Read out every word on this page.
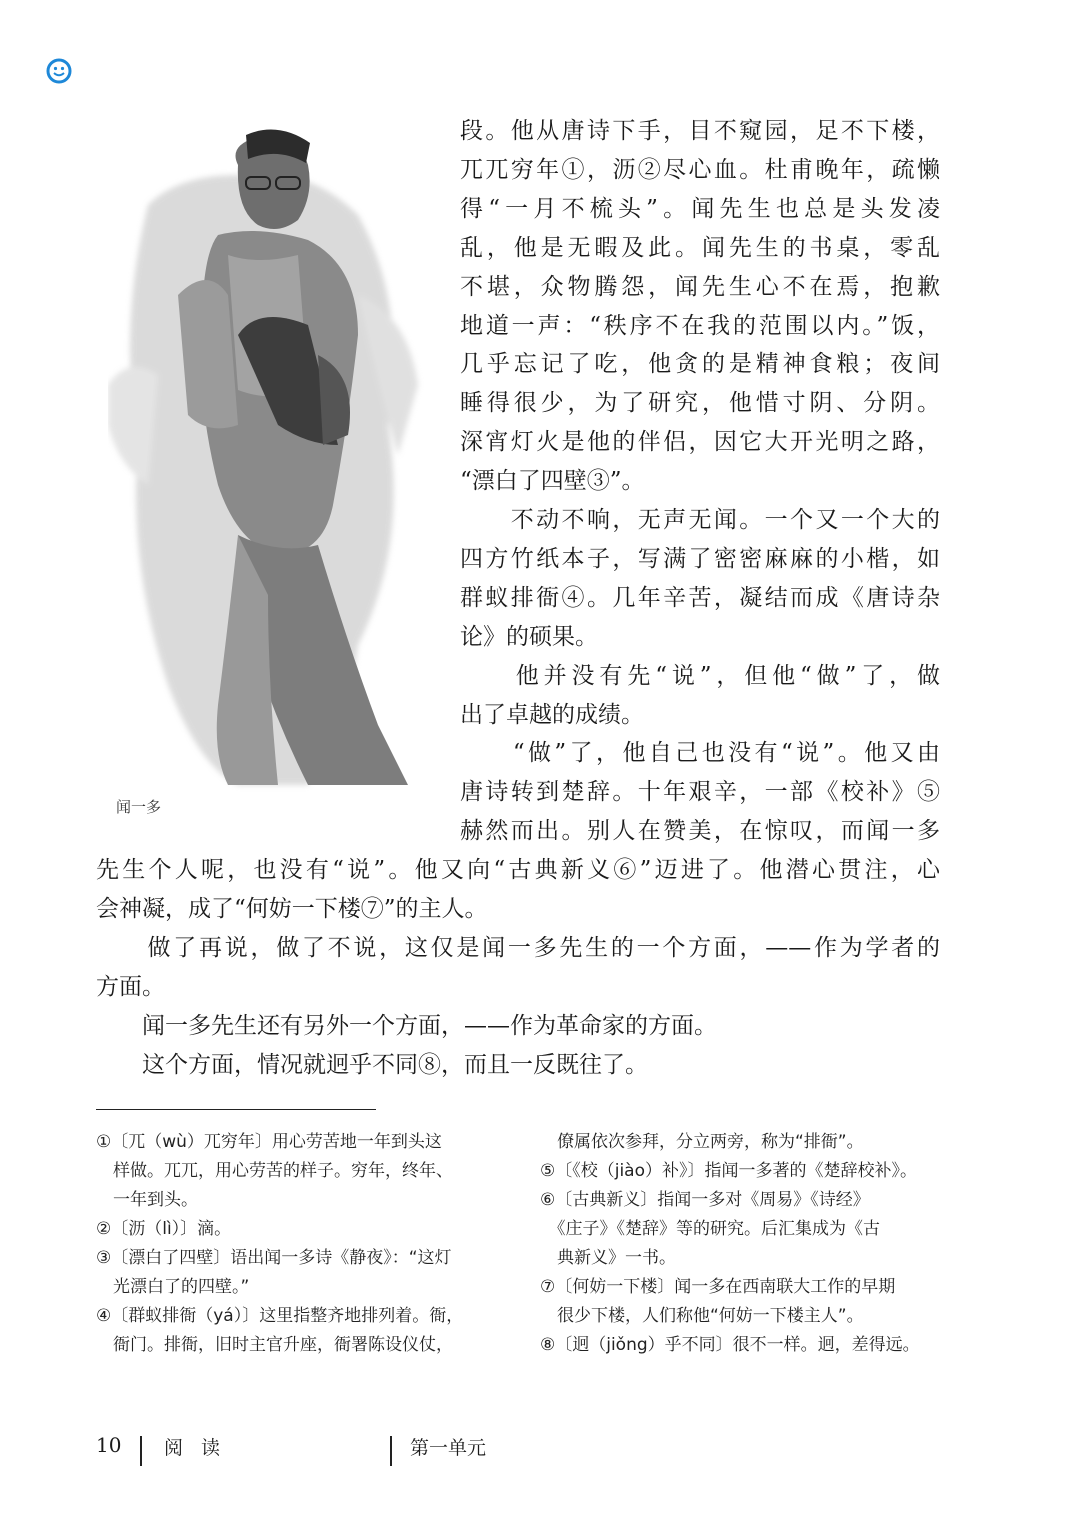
闻一多
段。他从唐诗下手，目不窥园，足不下楼，
兀兀穷年①，沥②尽心血。杜甫晚年，疏懒
得“一月不梳头”。闻先生也总是头发凌
乱，他是无暇及此。闻先生的书桌，零乱
不堪，众物腾怨，闻先生心不在焉，抱歉
地道一声：“秩序不在我的范围以内。”饭，
几乎忘记了吃，他贪的是精神食粮；夜间
睡得很少，为了研究，他惜寸阴、分阴。
深宵灯火是他的伴侣，因它大开光明之路，
“漂白了四壁③”。
　　不动不响，无声无闻。一个又一个大的
四方竹纸本子，写满了密密麻麻的小楷，如
群蚁排衙④。几年辛苦，凝结而成《唐诗杂
论》的硕果。
　　他并没有先“说”，但他“做”了，做
出了卓越的成绩。
　　“做”了，他自己也没有“说”。他又由
唐诗转到楚辞。十年艰辛，一部《校补》⑤
赫然而出。别人在赞美，在惊叹，而闻一多
先生个人呢，也没有“说”。他又向“古典新义⑥”迈进了。他潜心贯注，心
会神凝，成了“何妨一下楼⑦”的主人。
　　做了再说，做了不说，这仅是闻一多先生的一个方面，——作为学者的
方面。
　　闻一多先生还有另外一个方面，——作为革命家的方面。
　　这个方面，情况就迥乎不同⑧，而且一反既往了。
①〔兀（wù）兀穷年〕用心劳苦地一年到头这
　样做。兀兀，用心劳苦的样子。穷年，终年、
　一年到头。
②〔沥（lì）〕滴。
③〔漂白了四壁〕语出闻一多诗《静夜》：“这灯
　光漂白了的四壁。”
④〔群蚁排衙（yá）〕这里指整齐地排列着。衙，
　衙门。排衙，旧时主官升座，衙署陈设仪仗，
　僚属依次参拜，分立两旁，称为“排衙”。
⑤〔《校（jiào）补》〕指闻一多著的《楚辞校补》。
⑥〔古典新义〕指闻一多对《周易》《诗经》
　《庄子》《楚辞》等的研究。后汇集成为《古
　典新义》一书。
⑦〔何妨一下楼〕闻一多在西南联大工作的早期
　很少下楼，人们称他“何妨一下楼主人”。
⑧〔迥（jiǒng）乎不同〕很不一样。迥，差得远。
10 阅 读	第一单元
